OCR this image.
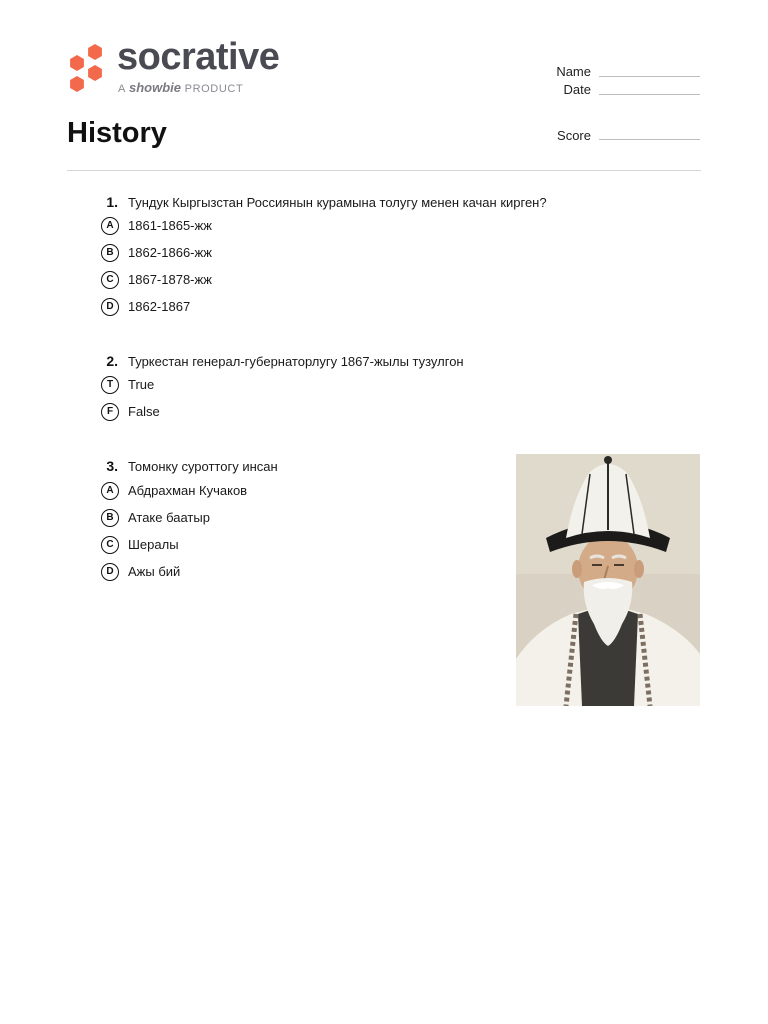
socrative
A showbie PRODUCT
Name
Date
History	Score
1. Тундук Кыргызстан Россиянын курамына толугу менен качан кирген?
A	1861-1865-жж
B	1862-1866-жж
C	1867-1878-жж
D	1862-1867
2. Туркестан генерал-губернаторлугу 1867-жылы тузулгон
T	True
F	False
3. Томонку суроттогу инсан
A	Абдрахман Кучаков
B	Атаке баатыр
C	Шералы
D	Ажы бий
